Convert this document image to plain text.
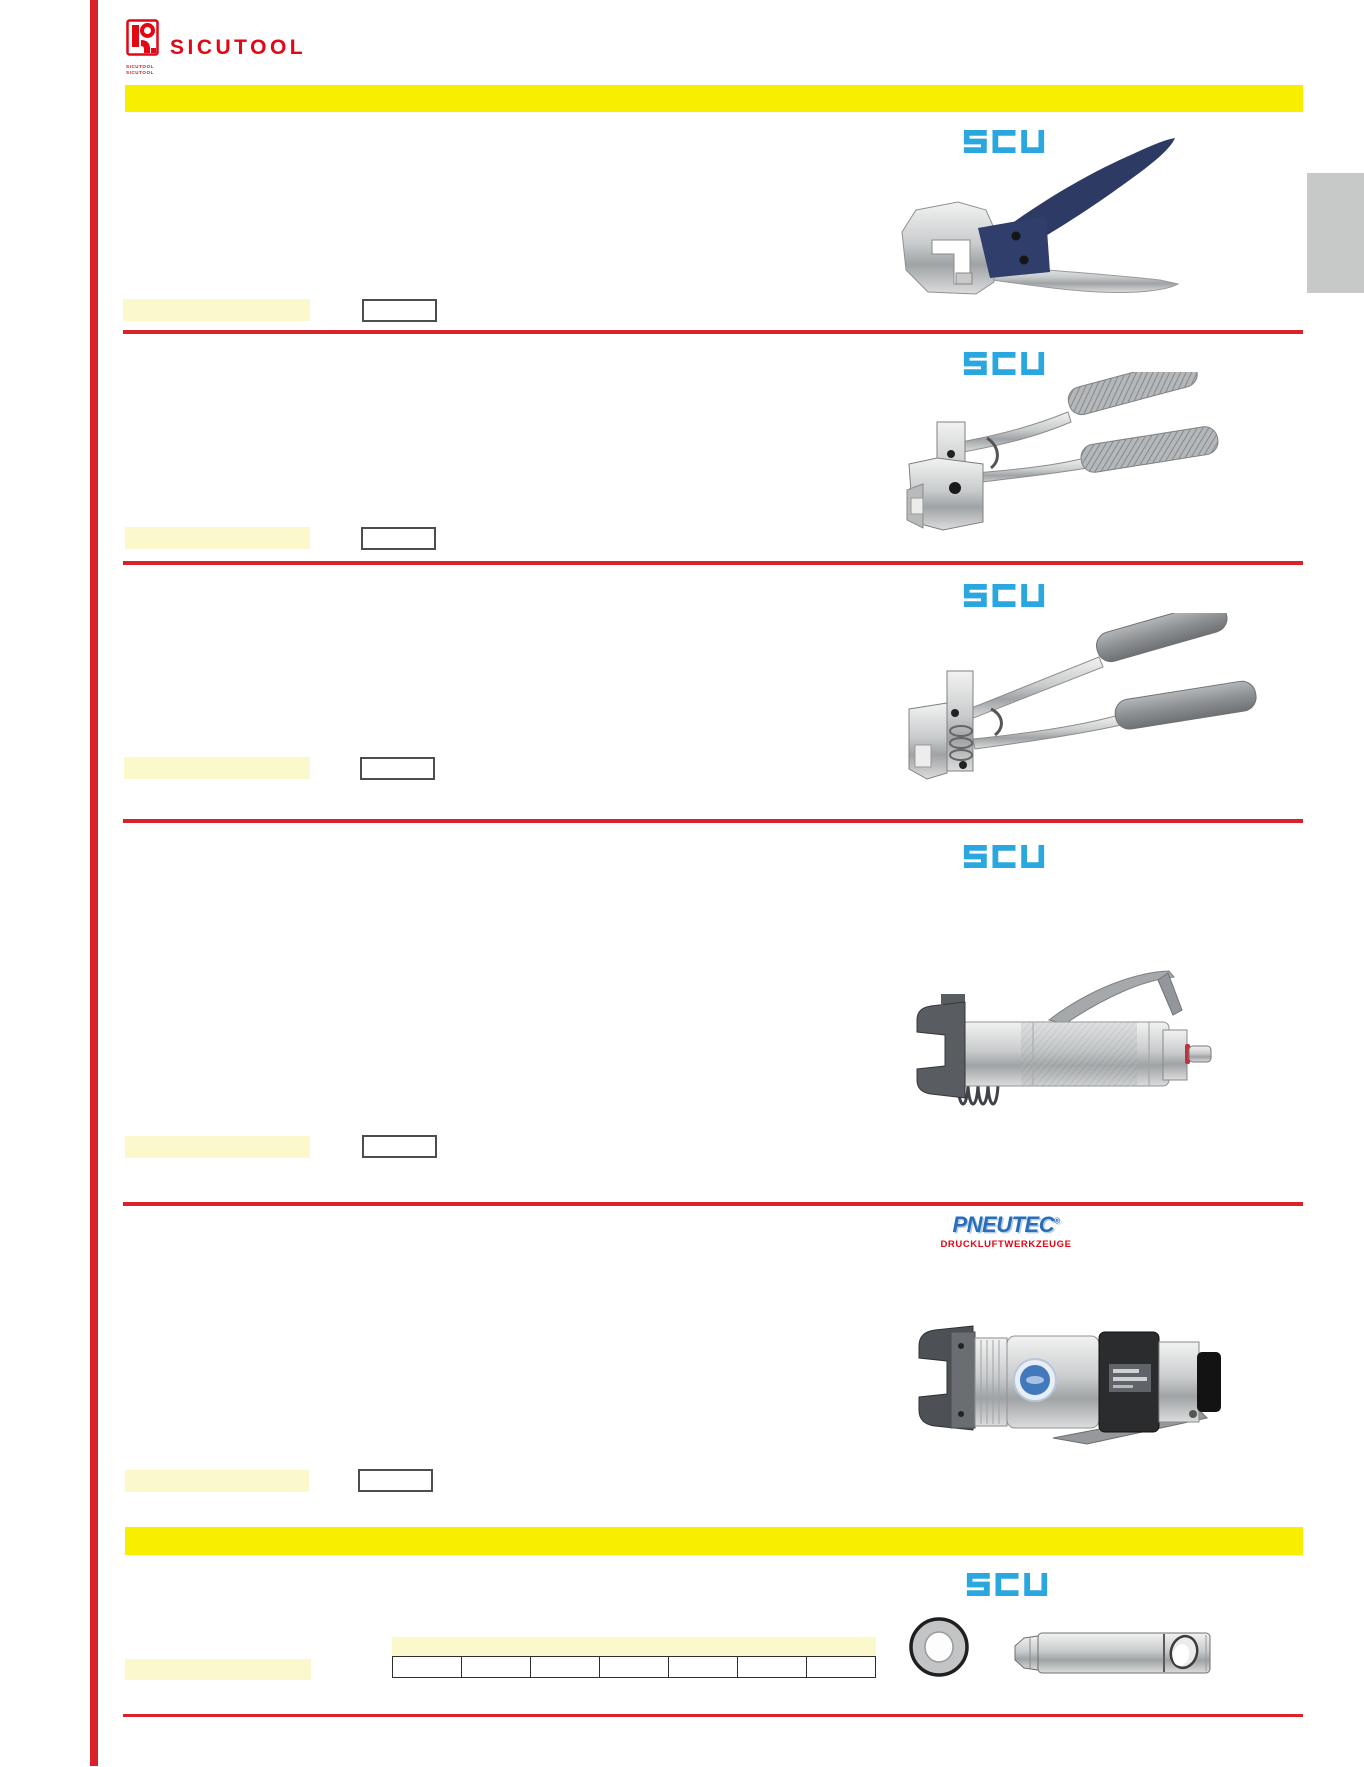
SICUTOOL
SICUTOOL
SICUTOOL
PNEUTEC®
DRUCKLUFTWERKZEUGE
